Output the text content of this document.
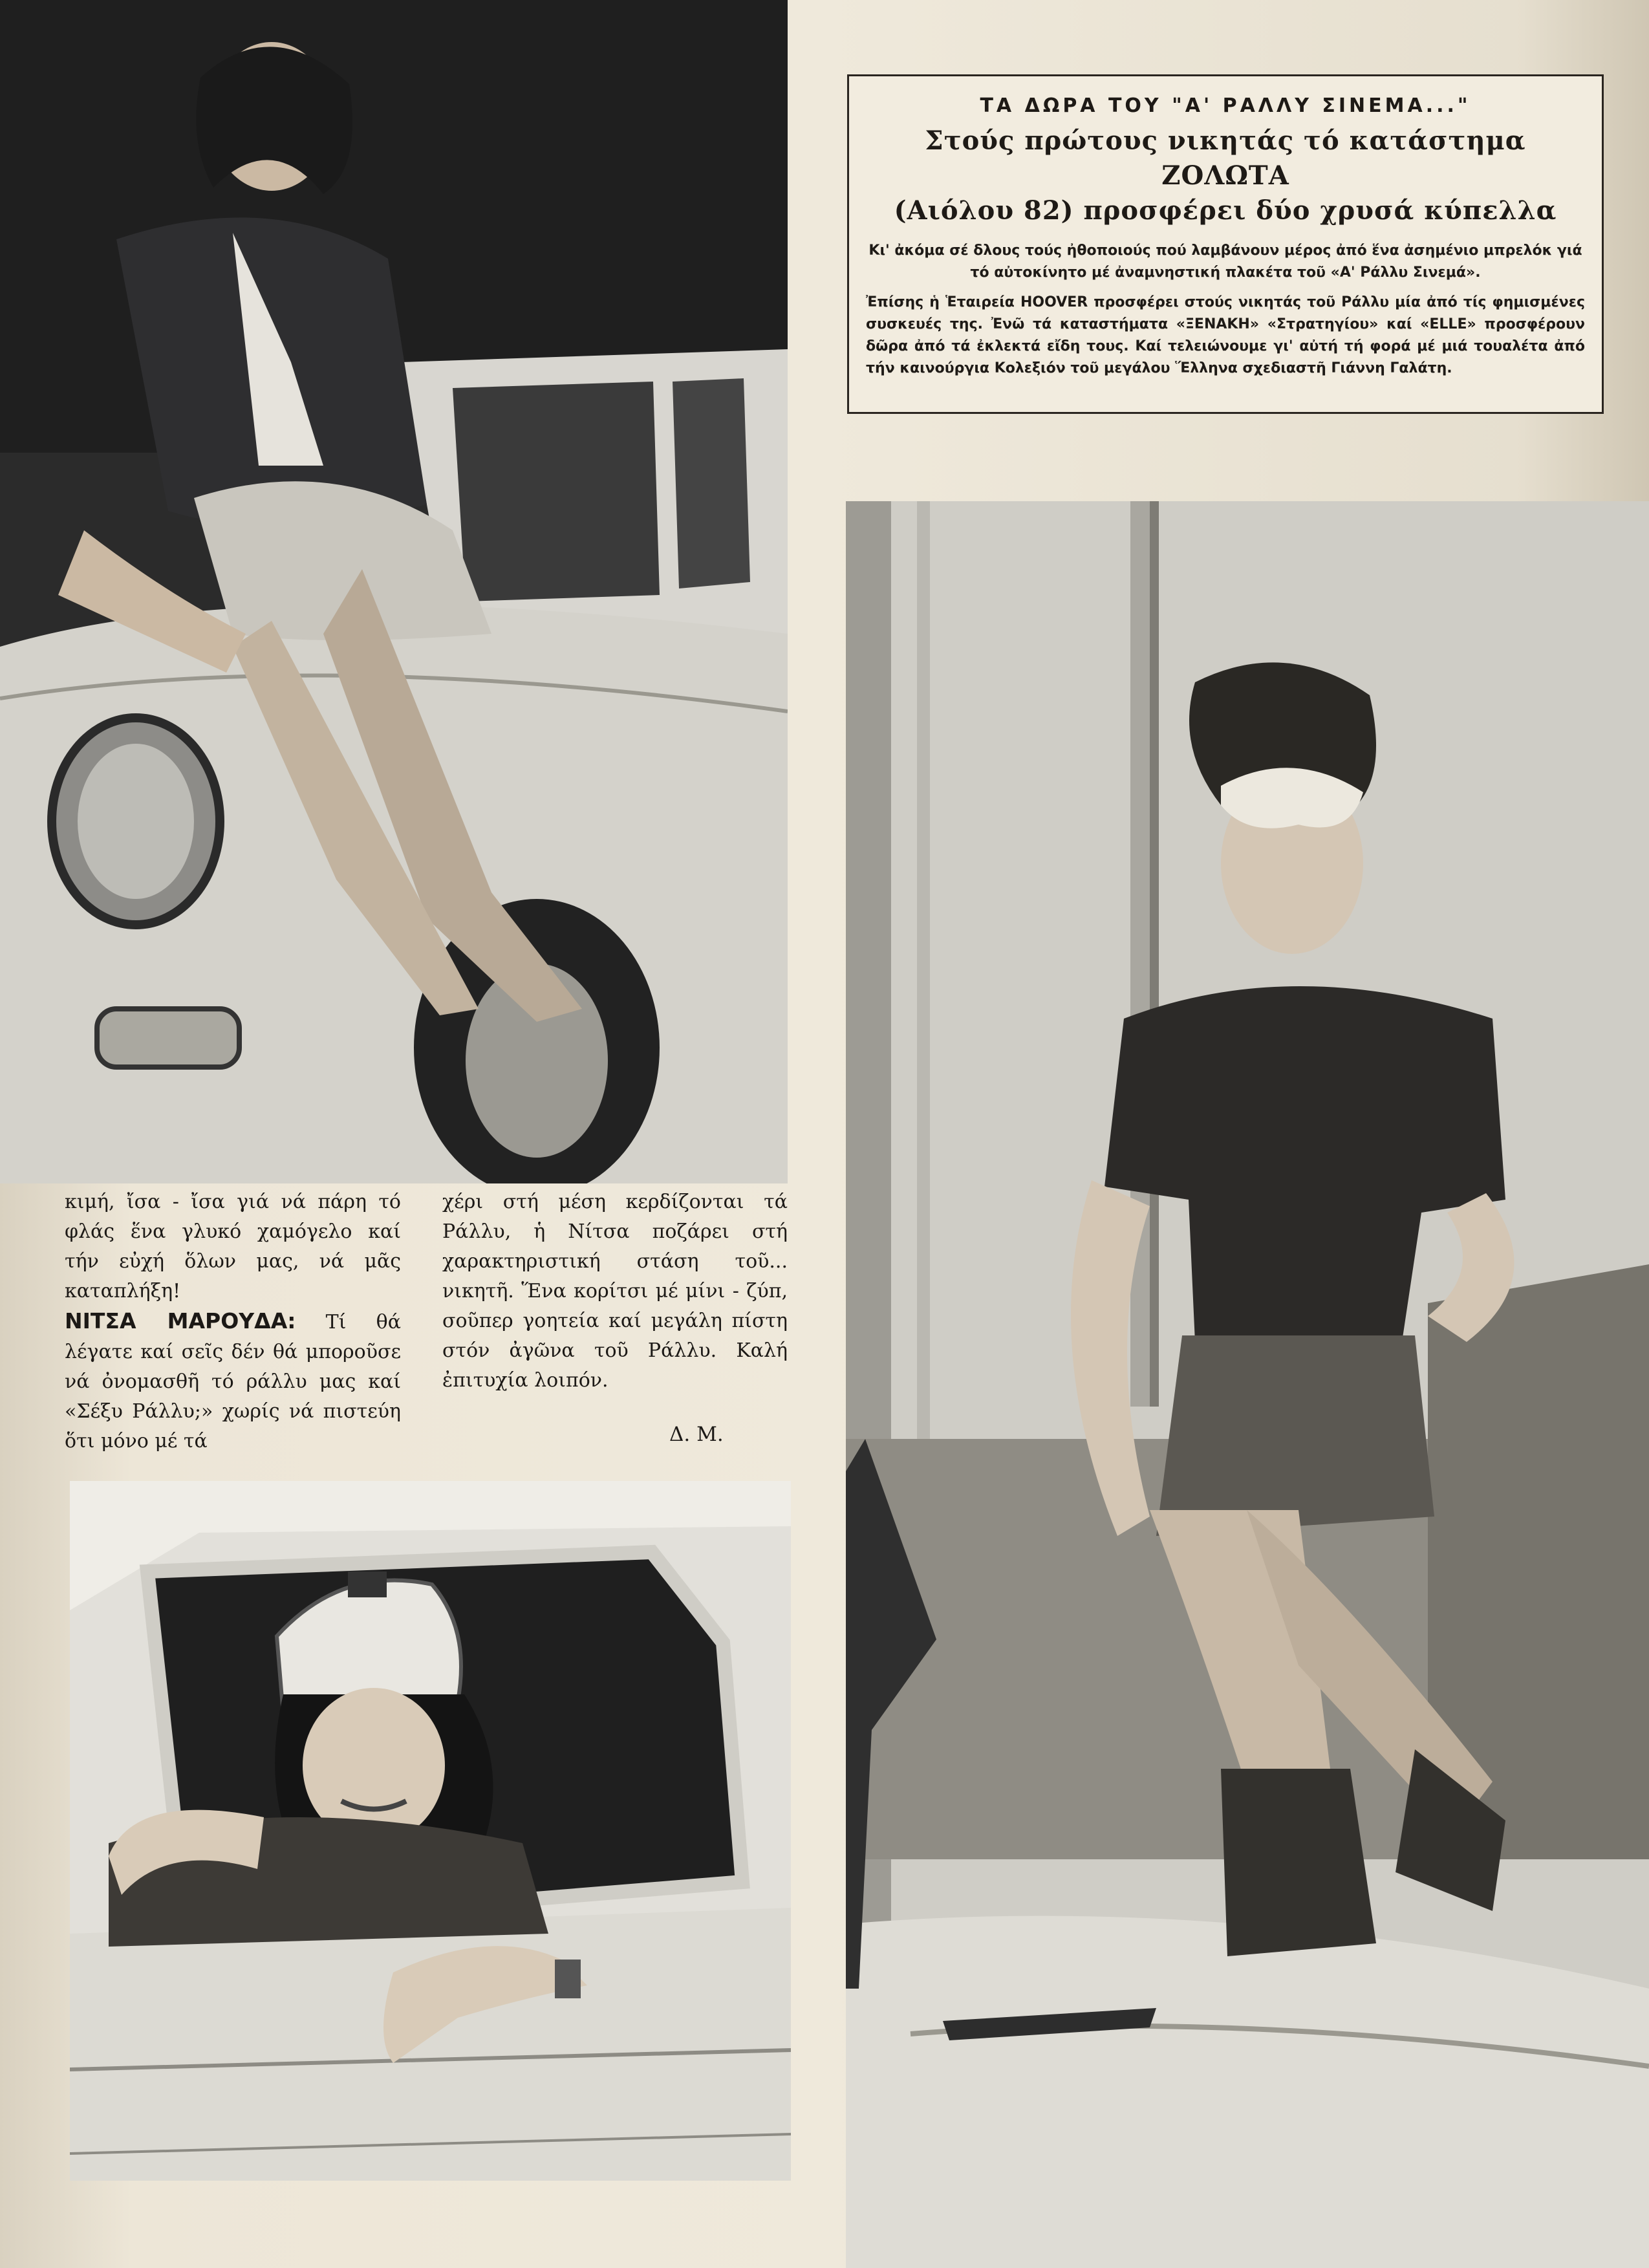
ΤΑ ΔΩΡΑ ΤΟΥ "Α' ΡΑΛΛΥ ΣΙΝΕΜΑ..."
Στούς πρώτους νικητάς τό κατάστημα ΖΟΛΩΤΑ
(Αιόλου 82) προσφέρει δύο χρυσά κύπελλα

Κι' ἀκόμα σέ δλους τούς ἠθοποιούς πού λαμβάνουν μέρος ἀπό ἕνα ἀσημένιο μπρελόκ γιά τό αὐτοκίνητο μέ ἀναμνηστική πλακέτα τοῦ «Α' Ράλλυ Σινεμά».

Ἐπίσης ἡ Ἑταιρεία HOOVER προσφέρει στούς νικητάς τοῦ Ράλλυ μία ἀπό τίς φημισμένες συσκευές της. Ἐνῶ τά καταστήματα «ΞΕΝΑΚΗ» «Στρατηγίου» καί «ELLE» προσφέρουν δῶρα ἀπό τά ἐκλεκτά εἴδη τους. Καί τελειώνουμε γι' αὐτή τή φορά μέ μιά τουαλέτα ἀπό τήν καινούργια Κολεξιόν τοῦ μεγάλου Ἕλληνα σχεδιαστῆ Γιάννη Γαλάτη.

κιμή, ἴσα - ἴσα γιά νά πάρη τό φλάς ἕνα γλυκό χαμόγελο καί τήν εὐχή ὅλων μας, νά μᾶς καταπλήξη!

ΝΙΤΣΑ ΜΑΡΟΥΔΑ: Τί θά λέγατε καί σεῖς δέν θά μποροῦσε νά ὀνομασθῆ τό ράλλυ μας καί «Σέξυ Ράλλυ;» χωρίς νά πιστεύη ὅτι μόνο μέ τά

χέρι στή μέση κερδίζονται τά Ράλλυ, ἡ Νίτσα ποζάρει στή χαρακτηριστική στάση τοῦ... νικητῆ. Ἕνα κορίτσι μέ μίνι - ζύπ, σοῦπερ γοητεία καί μεγάλη πίστη στόν ἀγῶνα τοῦ Ράλλυ. Καλή ἐπιτυχία λοιπόν.

Δ. Μ.
